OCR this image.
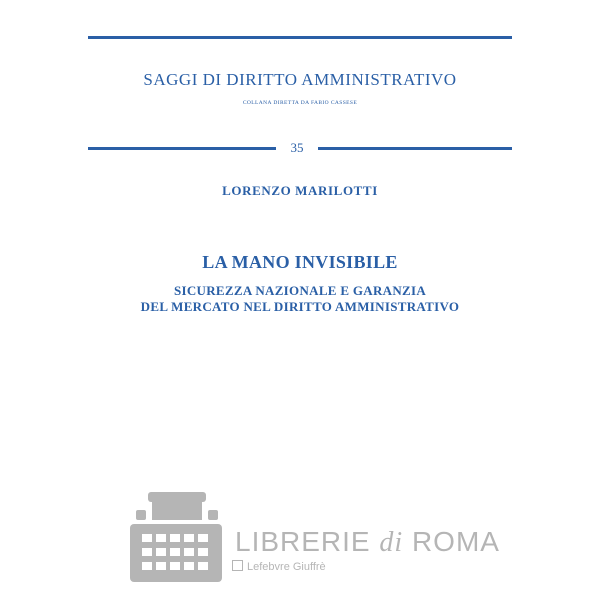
SAGGI DI DIRITTO AMMINISTRATIVO
COLLANA DIRETTA DA FABIO CASSESE
35
LORENZO MARILOTTI
LA MANO INVISIBILE
SICUREZZA NAZIONALE E GARANZIA
DEL MERCATO NEL DIRITTO AMMINISTRATIVO
LIBRERIE di ROMA
Lefebvre Giuffrè
